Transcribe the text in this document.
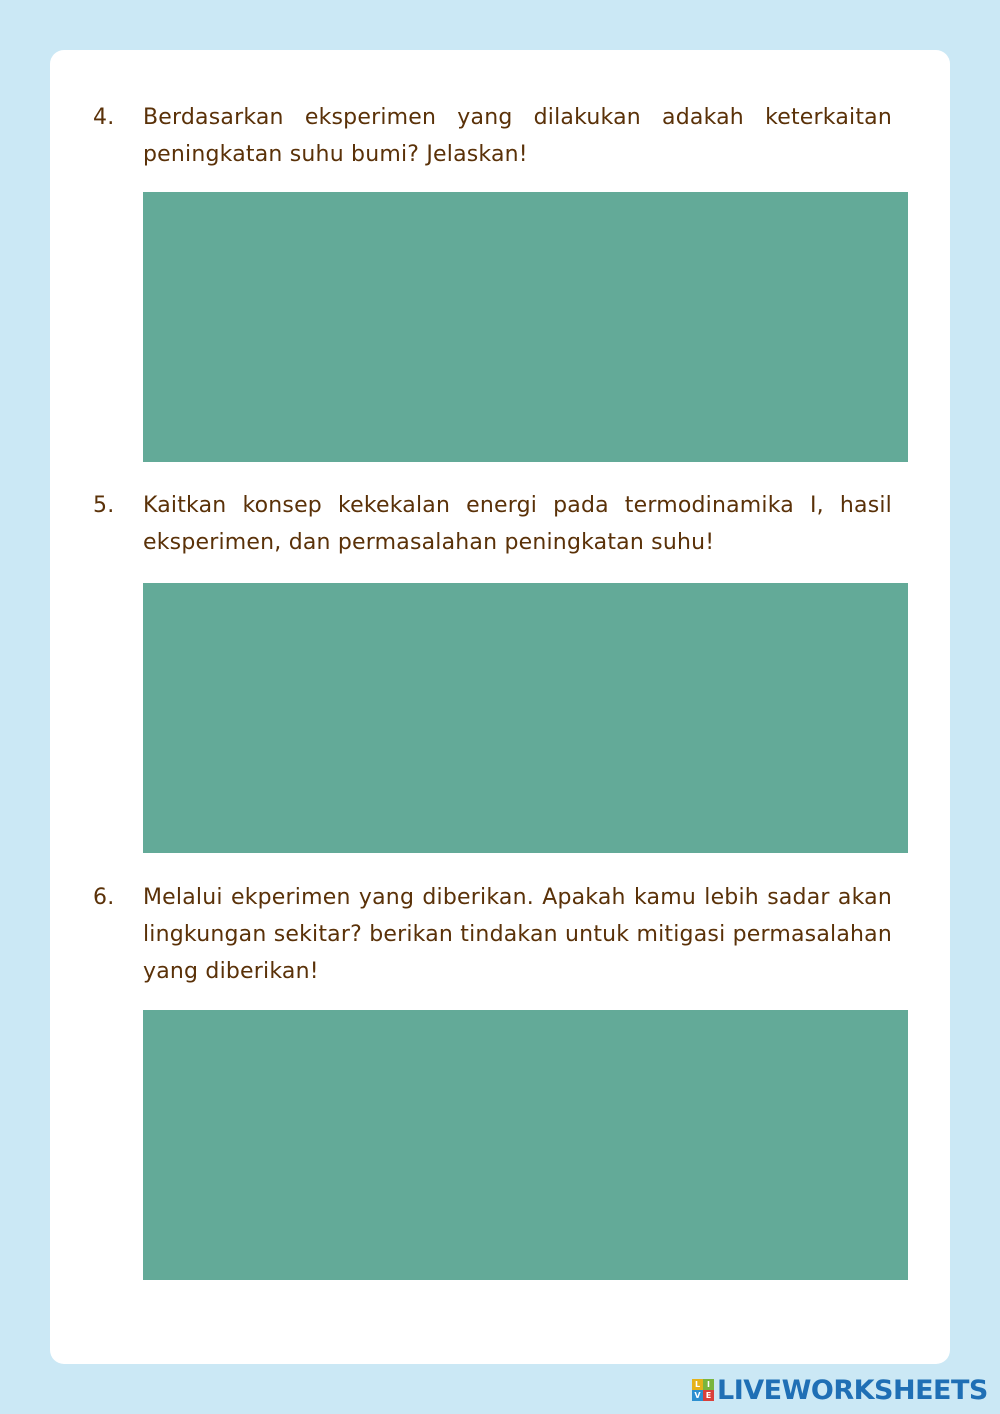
4.	Berdasarkan eksperimen yang dilakukan adakah keterkaitan peningkatan suhu bumi? Jelaskan!
5.	Kaitkan konsep kekekalan energi pada termodinamika I, hasil eksperimen, dan permasalahan peningkatan suhu!
6.	Melalui ekperimen yang diberikan. Apakah kamu lebih sadar akan lingkungan sekitar? berikan tindakan untuk mitigasi permasalahan yang diberikan!
L I
V E LIVEWORKSHEETS
